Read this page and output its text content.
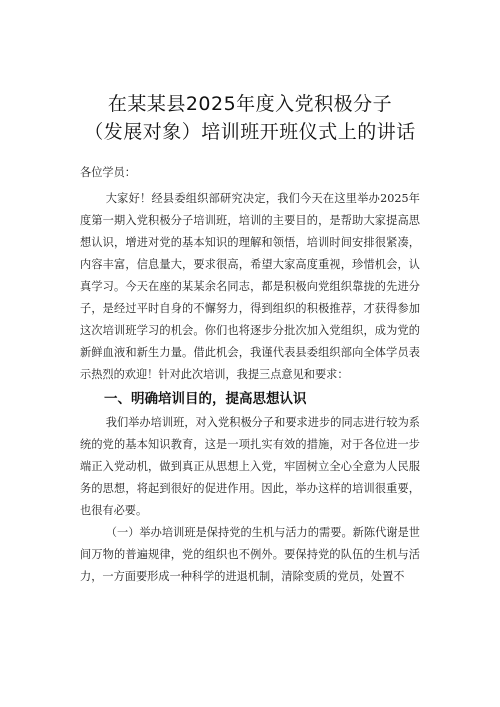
在某某县2025年度入党积极分子
（发展对象）培训班开班仪式上的讲话

各位学员：

大家好！经县委组织部研究决定，我们今天在这里举办2025年度第一期入党积极分子培训班，培训的主要目的，是帮助大家提高思想认识，增进对党的基本知识的理解和领悟，培训时间安排很紧凑，内容丰富，信息量大，要求很高，希望大家高度重视，珍惜机会，认真学习。今天在座的某某余名同志，都是积极向党组织靠拢的先进分子，是经过平时自身的不懈努力，得到组织的积极推荐，才获得参加这次培训班学习的机会。你们也将逐步分批次加入党组织，成为党的新鲜血液和新生力量。借此机会，我谨代表县委组织部向全体学员表示热烈的欢迎！针对此次培训，我提三点意见和要求：

一、明确培训目的，提高思想认识

我们举办培训班，对入党积极分子和要求进步的同志进行较为系统的党的基本知识教育，这是一项扎实有效的措施，对于各位进一步端正入党动机，做到真正从思想上入党，牢固树立全心全意为人民服务的思想，将起到很好的促进作用。因此，举办这样的培训很重要，也很有必要。

（一）举办培训班是保持党的生机与活力的需要。新陈代谢是世间万物的普遍规律，党的组织也不例外。要保持党的队伍的生机与活力，一方面要形成一种科学的进退机制，清除变质的党员，处置不
